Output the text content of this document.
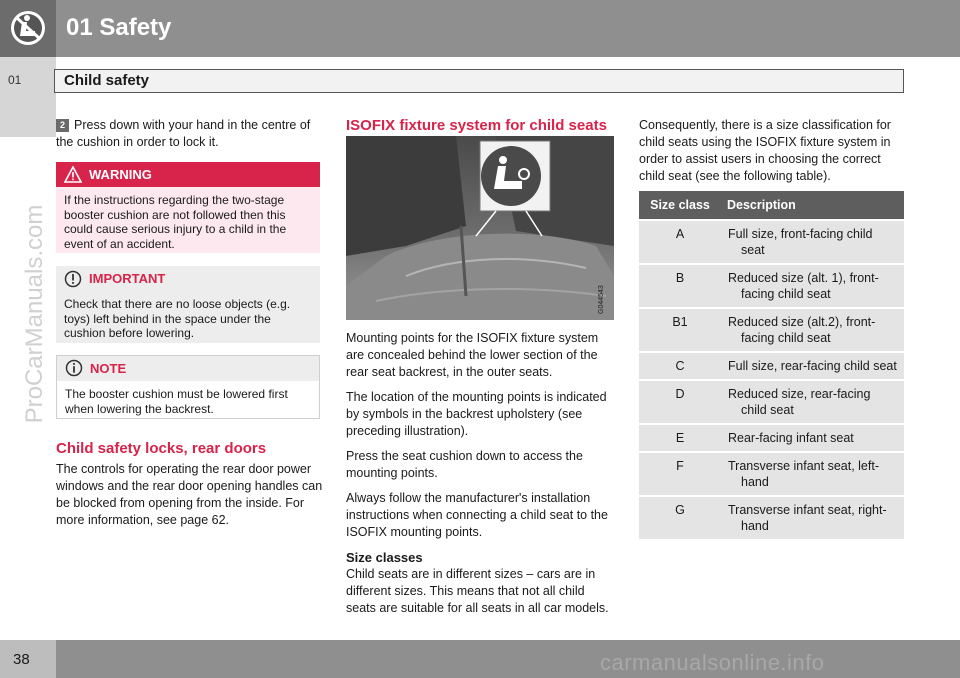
01 Safety
01	Child safety
ProCarManuals.com
2 Press down with your hand in the centre of the cushion in order to lock it.
WARNING
If the instructions regarding the two-stage booster cushion are not followed then this could cause serious injury to a child in the event of an accident.
IMPORTANT
Check that there are no loose objects (e.g. toys) left behind in the space under the cushion before lowering.
NOTE
The booster cushion must be lowered first when lowering the backrest.
Child safety locks, rear doors
The controls for operating the rear door power windows and the rear door opening handles can be blocked from opening from the inside. For more information, see page 62.
ISOFIX fixture system for child seats
G044543

Mounting points for the ISOFIX fixture system are concealed behind the lower section of the rear seat backrest, in the outer seats.

The location of the mounting points is indicated by symbols in the backrest upholstery (see preceding illustration).

Press the seat cushion down to access the mounting points.

Always follow the manufacturer's installation instructions when connecting a child seat to the ISOFIX mounting points.

Size classes
Child seats are in different sizes – cars are in different sizes. This means that not all child seats are suitable for all seats in all car models.
Consequently, there is a size classification for child seats using the ISOFIX fixture system in order to assist users in choosing the correct child seat (see the following table).
Size class	Description
A	Full size, front-facing child seat
B	Reduced size (alt. 1), front-facing child seat
B1	Reduced size (alt.2), front-facing child seat
C	Full size, rear-facing child seat
D	Reduced size, rear-facing child seat
E	Rear-facing infant seat
F	Transverse infant seat, left-hand
G	Transverse infant seat, right-hand
38	carmanualsonline.info
